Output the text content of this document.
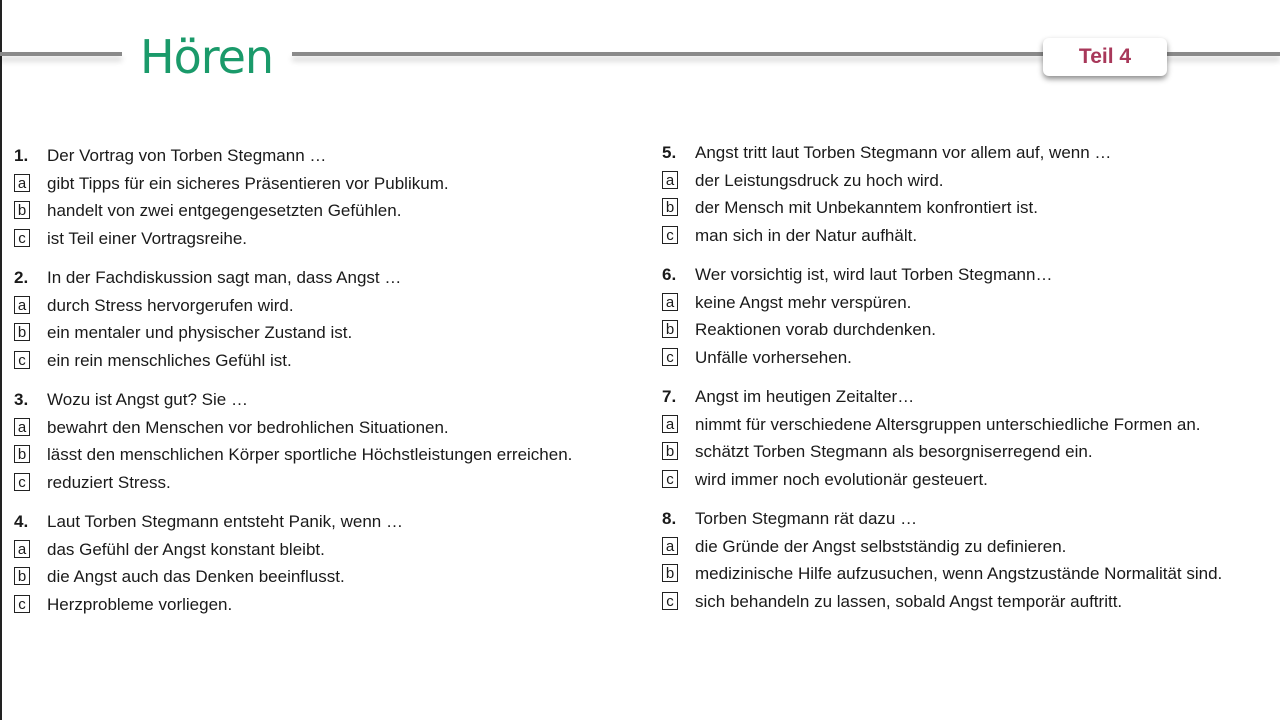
Hören	Teil 4
1. Der Vortrag von Torben Stegmann …
a gibt Tipps für ein sicheres Präsentieren vor Publikum.
b handelt von zwei entgegengesetzten Gefühlen.
c ist Teil einer Vortragsreihe.
2. In der Fachdiskussion sagt man, dass Angst …
a durch Stress hervorgerufen wird.
b ein mentaler und physischer Zustand ist.
c ein rein menschliches Gefühl ist.
3. Wozu ist Angst gut? Sie …
a bewahrt den Menschen vor bedrohlichen Situationen.
b lässt den menschlichen Körper sportliche Höchstleistungen erreichen.
c reduziert Stress.
4. Laut Torben Stegmann entsteht Panik, wenn …
a das Gefühl der Angst konstant bleibt.
b die Angst auch das Denken beeinflusst.
c Herzprobleme vorliegen.
5. Angst tritt laut Torben Stegmann vor allem auf, wenn …
a der Leistungsdruck zu hoch wird.
b der Mensch mit Unbekanntem konfrontiert ist.
c man sich in der Natur aufhält.
6. Wer vorsichtig ist, wird laut Torben Stegmann…
a keine Angst mehr verspüren.
b Reaktionen vorab durchdenken.
c Unfälle vorhersehen.
7. Angst im heutigen Zeitalter…
a nimmt für verschiedene Altersgruppen unterschiedliche Formen an.
b schätzt Torben Stegmann als besorgniserregend ein.
c wird immer noch evolutionär gesteuert.
8. Torben Stegmann rät dazu …
a die Gründe der Angst selbstständig zu definieren.
b medizinische Hilfe aufzusuchen, wenn Angstzustände Normalität sind.
c sich behandeln zu lassen, sobald Angst temporär auftritt.
